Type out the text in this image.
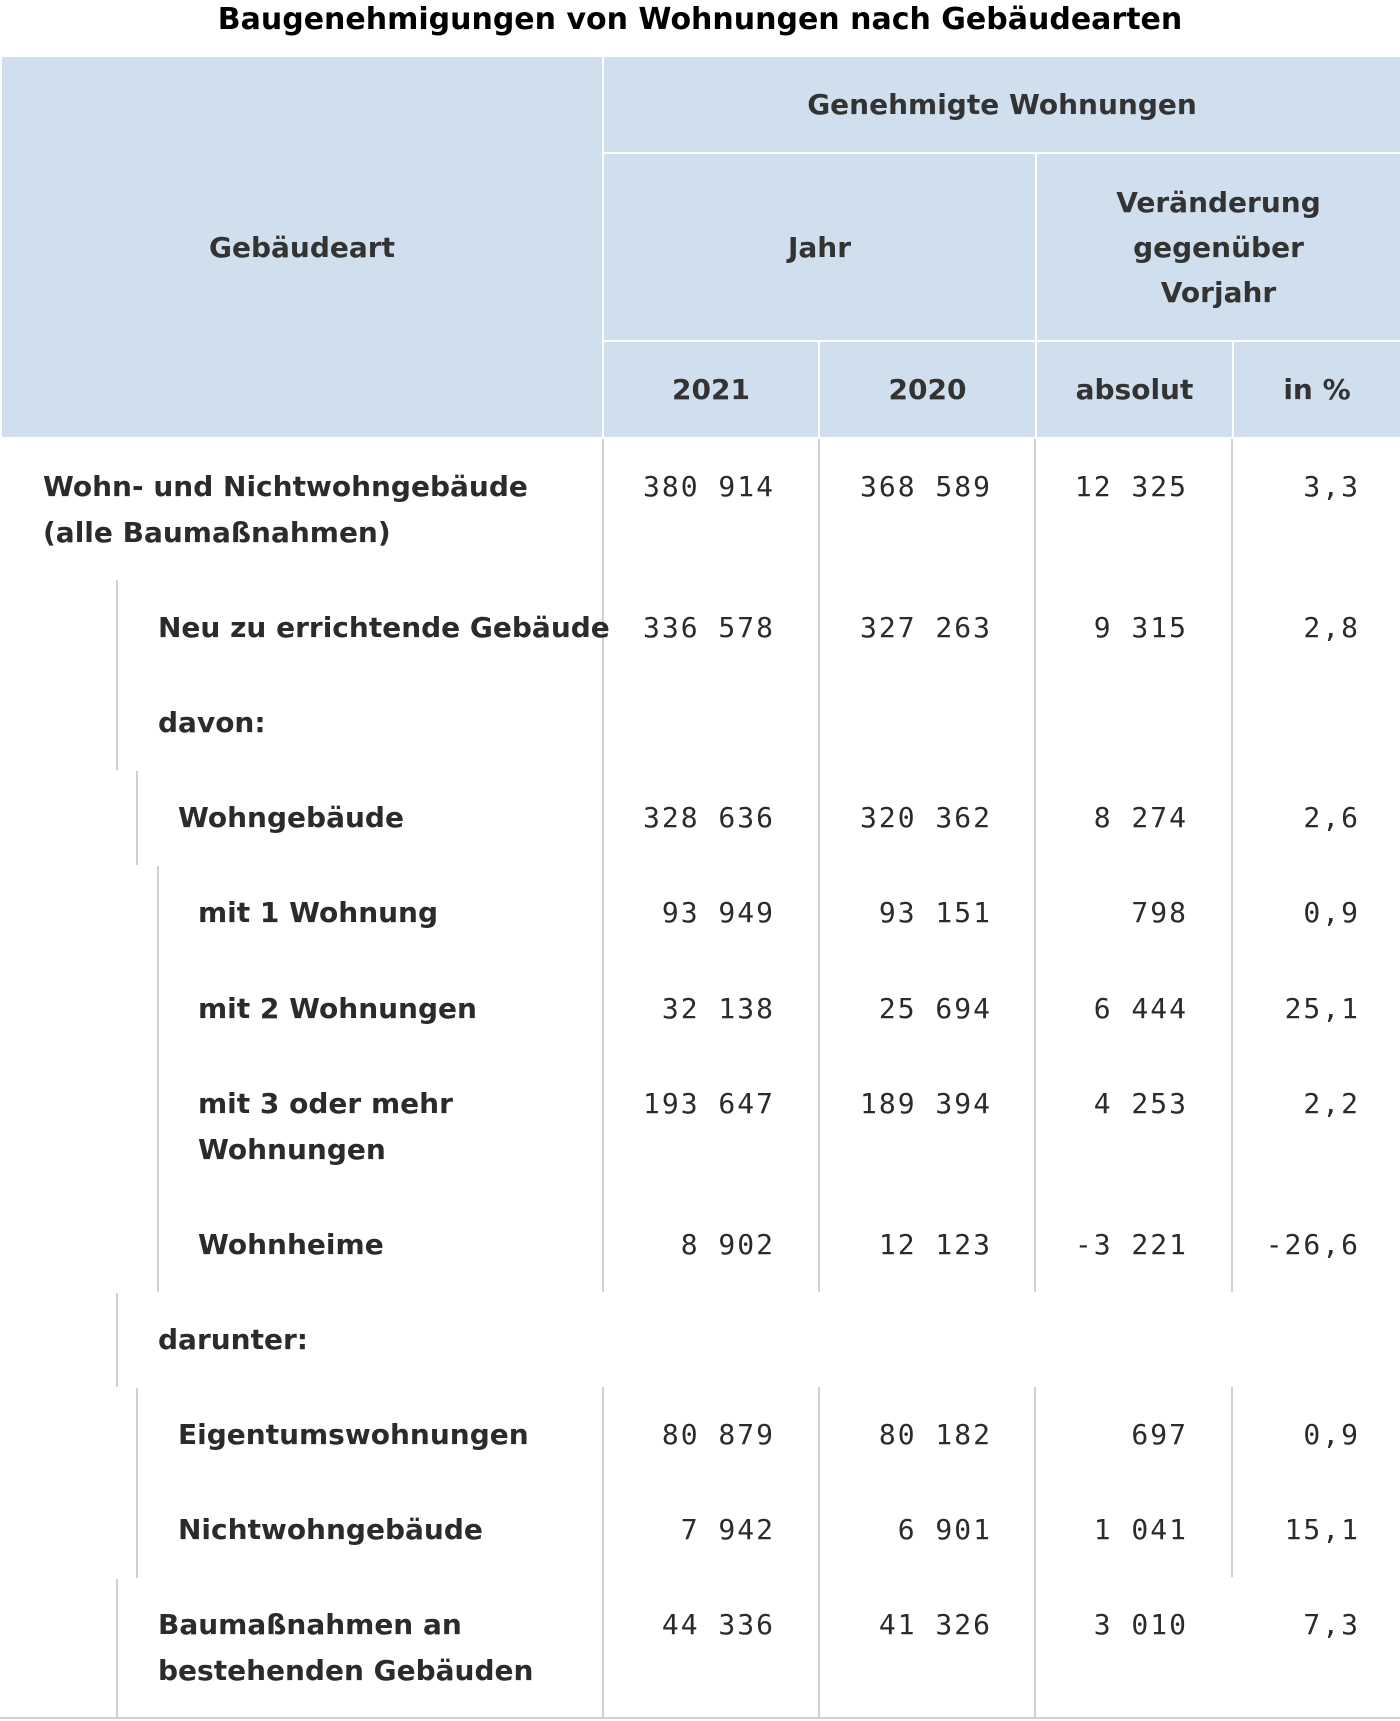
Baugenehmigungen von Wohnungen nach Gebäudearten
Gebäudeart
Genehmigte Wohnungen
Jahr
Veränderung
gegenüber
Vorjahr
2021	2020	absolut	in %
Wohn- und Nichtwohngebäude
(alle Baumaßnahmen)
380 914	368 589	12 325	3,3
Neu zu errichtende Gebäude	336 578	327 263	9 315	2,8
davon:
Wohngebäude	328 636	320 362	8 274	2,6
mit 1 Wohnung	93 949	93 151	798	0,9
mit 2 Wohnungen	32 138	25 694	6 444	25,1
mit 3 oder mehr
Wohnungen
193 647	189 394	4 253	2,2
Wohnheime	8 902	12 123	-3 221	-26,6
darunter:
Eigentumswohnungen	80 879	80 182	697	0,9
Nichtwohngebäude	7 942	6 901	1 041	15,1
Baumaßnahmen an
bestehenden Gebäuden
44 336	41 326	3 010	7,3
